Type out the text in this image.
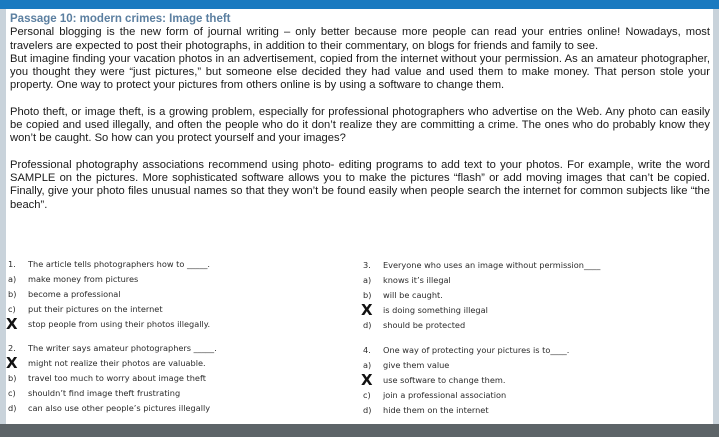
Passage 10: modern crimes: Image theft

Personal blogging is the new form of journal writing – only better because more people can read your entries online! Nowadays, most travelers are expected to post their photographs, in addition to their commentary, on blogs for friends and family to see.

But imagine finding your vacation photos in an advertisement, copied from the internet without your permission. As an amateur photographer, you thought they were “just pictures,” but someone else decided they had value and used them to make money. That person stole your property. One way to protect your pictures from others online is by using a software to change them.

Photo theft, or image theft, is a growing problem, especially for professional photographers who advertise on the Web. Any photo can easily be copied and used illegally, and often the people who do it don’t realize they are committing a crime. The ones who do probably know they won’t be caught. So how can you protect yourself and your images?

Professional photography associations recommend using photo- editing programs to add text to your photos. For example, write the word SAMPLE on the pictures. More sophisticated software allows you to make the pictures “flash” or add moving images that can’t be copied. Finally, give your photo files unusual names so that they won’t be found easily when people search the internet for common subjects like “the beach”.

1.	The article tells photographers how to _____.
a)	make money from pictures
b)	become a professional
c)	put their pictures on the internet
X stop people from using their photos illegally.
2.	The writer says amateur photographers _____.
X might not realize their photos are valuable.
b)	travel too much to worry about image theft
c)	shouldn’t find image theft frustrating
d)	can also use other people’s pictures illegally
3.	Everyone who uses an image without permission____
a)	knows it’s illegal
b)	will be caught.
X is doing something illegal
d)	should be protected
4.	One way of protecting your pictures is to____.
a)	give them value
X use software to change them.
c)	join a professional association
d)	hide them on the internet
